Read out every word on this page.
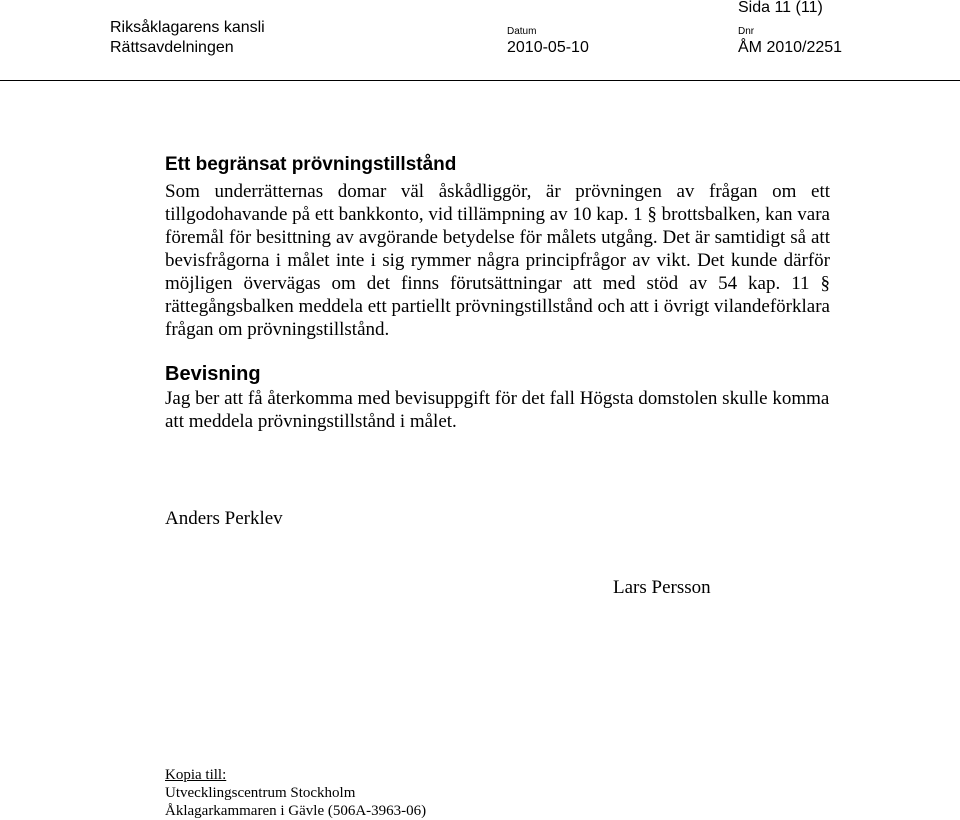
Riksåklagarens kansli
Rättsavdelningen
Datum
2010-05-10
Dnr
ÅM 2010/2251
Sida 11 (11)
Ett begränsat prövningstillstånd

Som underrätternas domar väl åskådliggör, är prövningen av frågan om ett tillgodohavande på ett bankkonto, vid tillämpning av 10 kap. 1 § brottsbalken, kan vara föremål för besittning av avgörande betydelse för målets utgång. Det är samtidigt så att bevisfrågorna i målet inte i sig rymmer några principfrågor av vikt. Det kunde därför möjligen övervägas om det finns förutsättningar att med stöd av 54 kap. 11 § rättegångsbalken meddela ett partiellt prövningstillstånd och att i övrigt vilandeförklara frågan om prövningstillstånd.

Bevisning

Jag ber att få återkomma med bevisuppgift för det fall Högsta domstolen skulle komma att meddela prövningstillstånd i målet.

Anders Perklev
Lars Persson
Kopia till:
Utvecklingscentrum Stockholm
Åklagarkammaren i Gävle (506A-3963-06)
